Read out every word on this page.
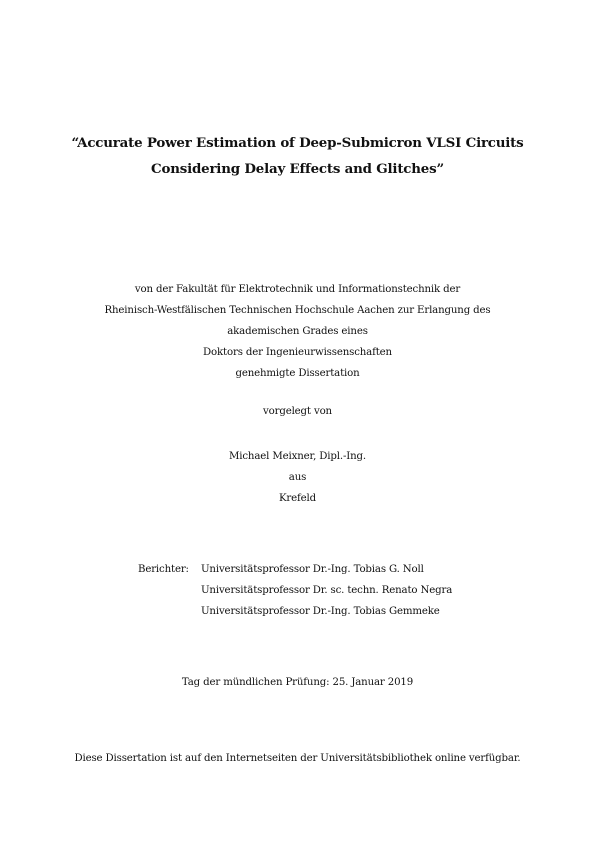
“Accurate Power Estimation of Deep-Submicron VLSI Circuits
Considering Delay Effects and Glitches”
von der Fakultät für Elektrotechnik und Informationstechnik der
Rheinisch-Westfälischen Technischen Hochschule Aachen zur Erlangung des
akademischen Grades eines
Doktors der Ingenieurwissenschaften
genehmigte Dissertation
vorgelegt von
Michael Meixner, Dipl.-Ing.
aus
Krefeld
Berichter: Universitätsprofessor Dr.-Ing. Tobias G. Noll
Universitätsprofessor Dr. sc. techn. Renato Negra
Universitätsprofessor Dr.-Ing. Tobias Gemmeke
Tag der mündlichen Prüfung: 25. Januar 2019
Diese Dissertation ist auf den Internetseiten der Universitätsbibliothek online verfügbar.
